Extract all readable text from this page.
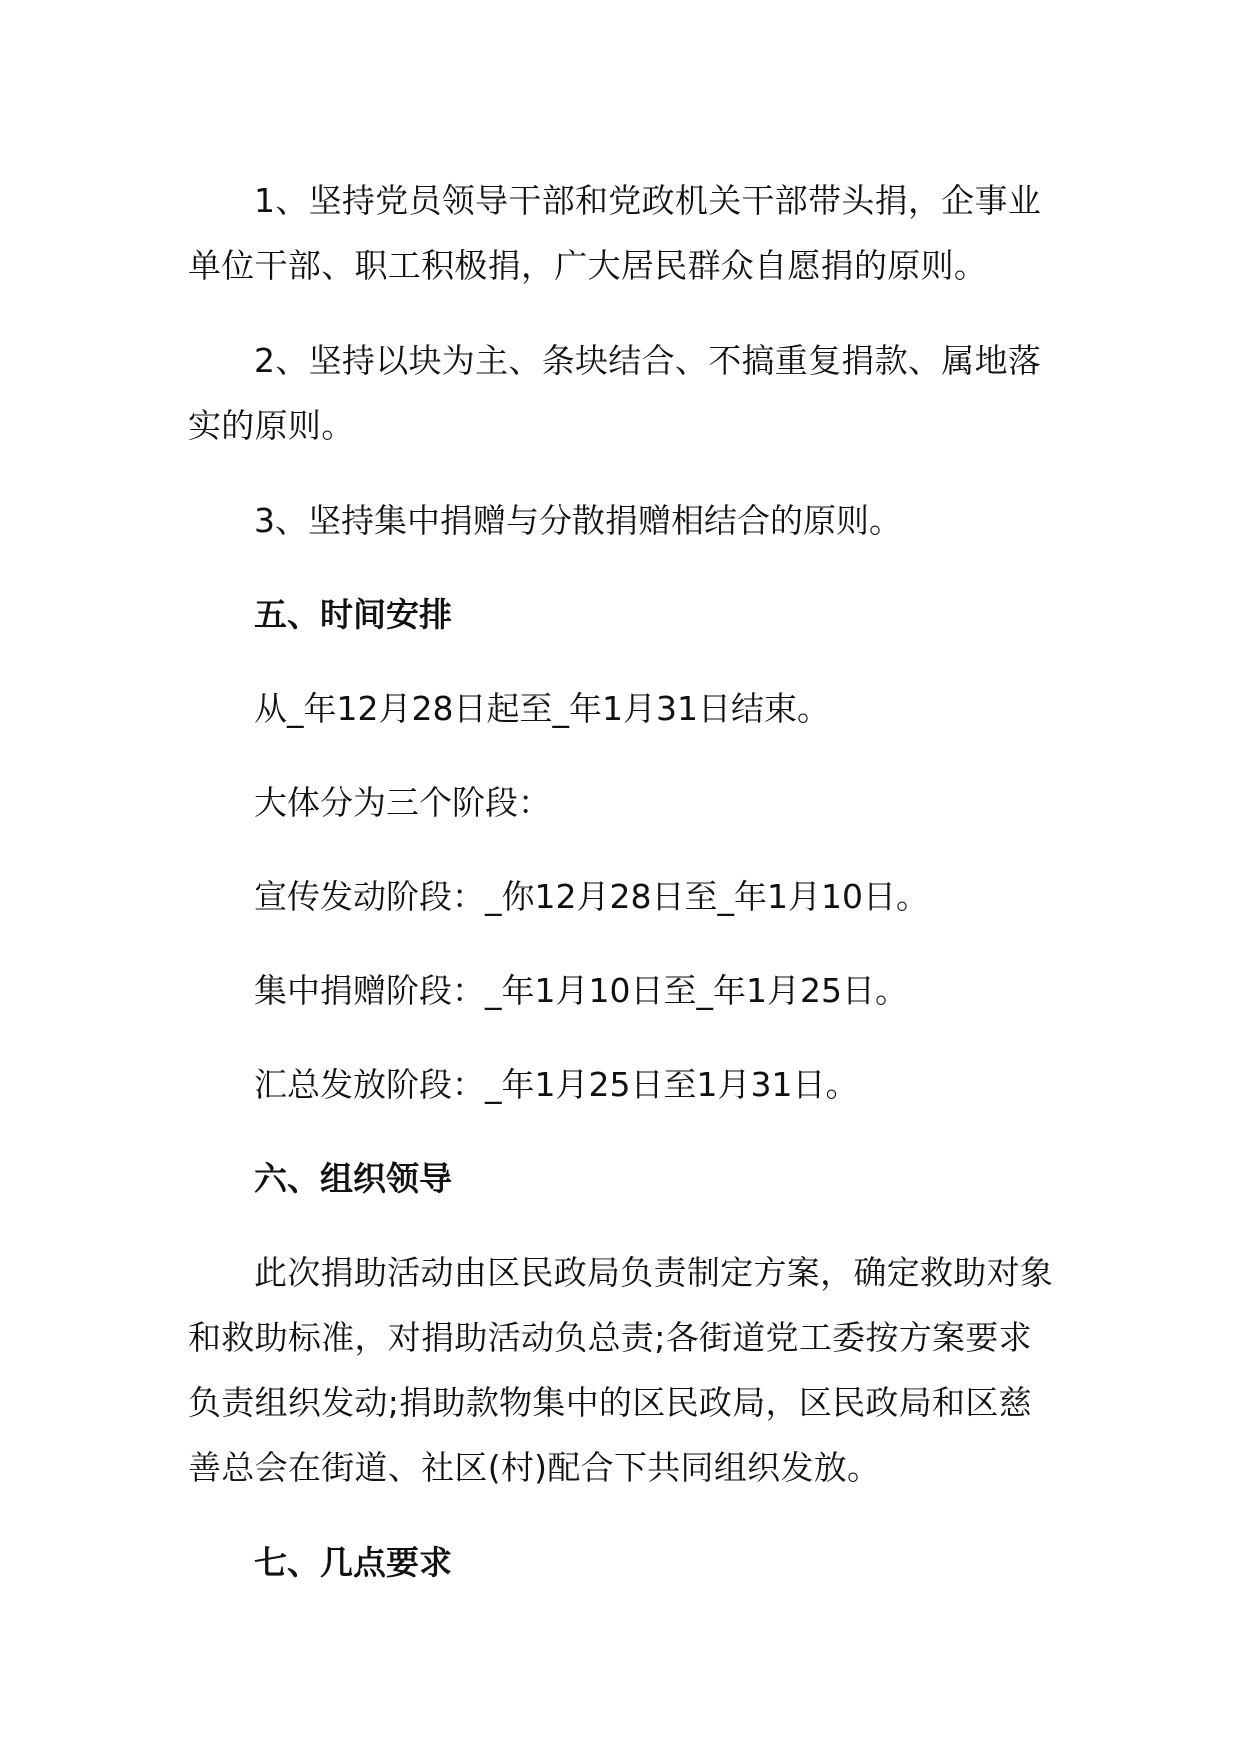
1、坚持党员领导干部和党政机关干部带头捐，企事业单位干部、职工积极捐，广大居民群众自愿捐的原则。

2、坚持以块为主、条块结合、不搞重复捐款、属地落实的原则。

3、坚持集中捐赠与分散捐赠相结合的原则。

五、时间安排

从_年12月28日起至_年1月31日结束。

大体分为三个阶段：

宣传发动阶段：_你12月28日至_年1月10日。

集中捐赠阶段：_年1月10日至_年1月25日。

汇总发放阶段：_年1月25日至1月31日。

六、组织领导

此次捐助活动由区民政局负责制定方案，确定救助对象和救助标准，对捐助活动负总责;各街道党工委按方案要求负责组织发动;捐助款物集中的区民政局，区民政局和区慈善总会在街道、社区(村)配合下共同组织发放。

七、几点要求
